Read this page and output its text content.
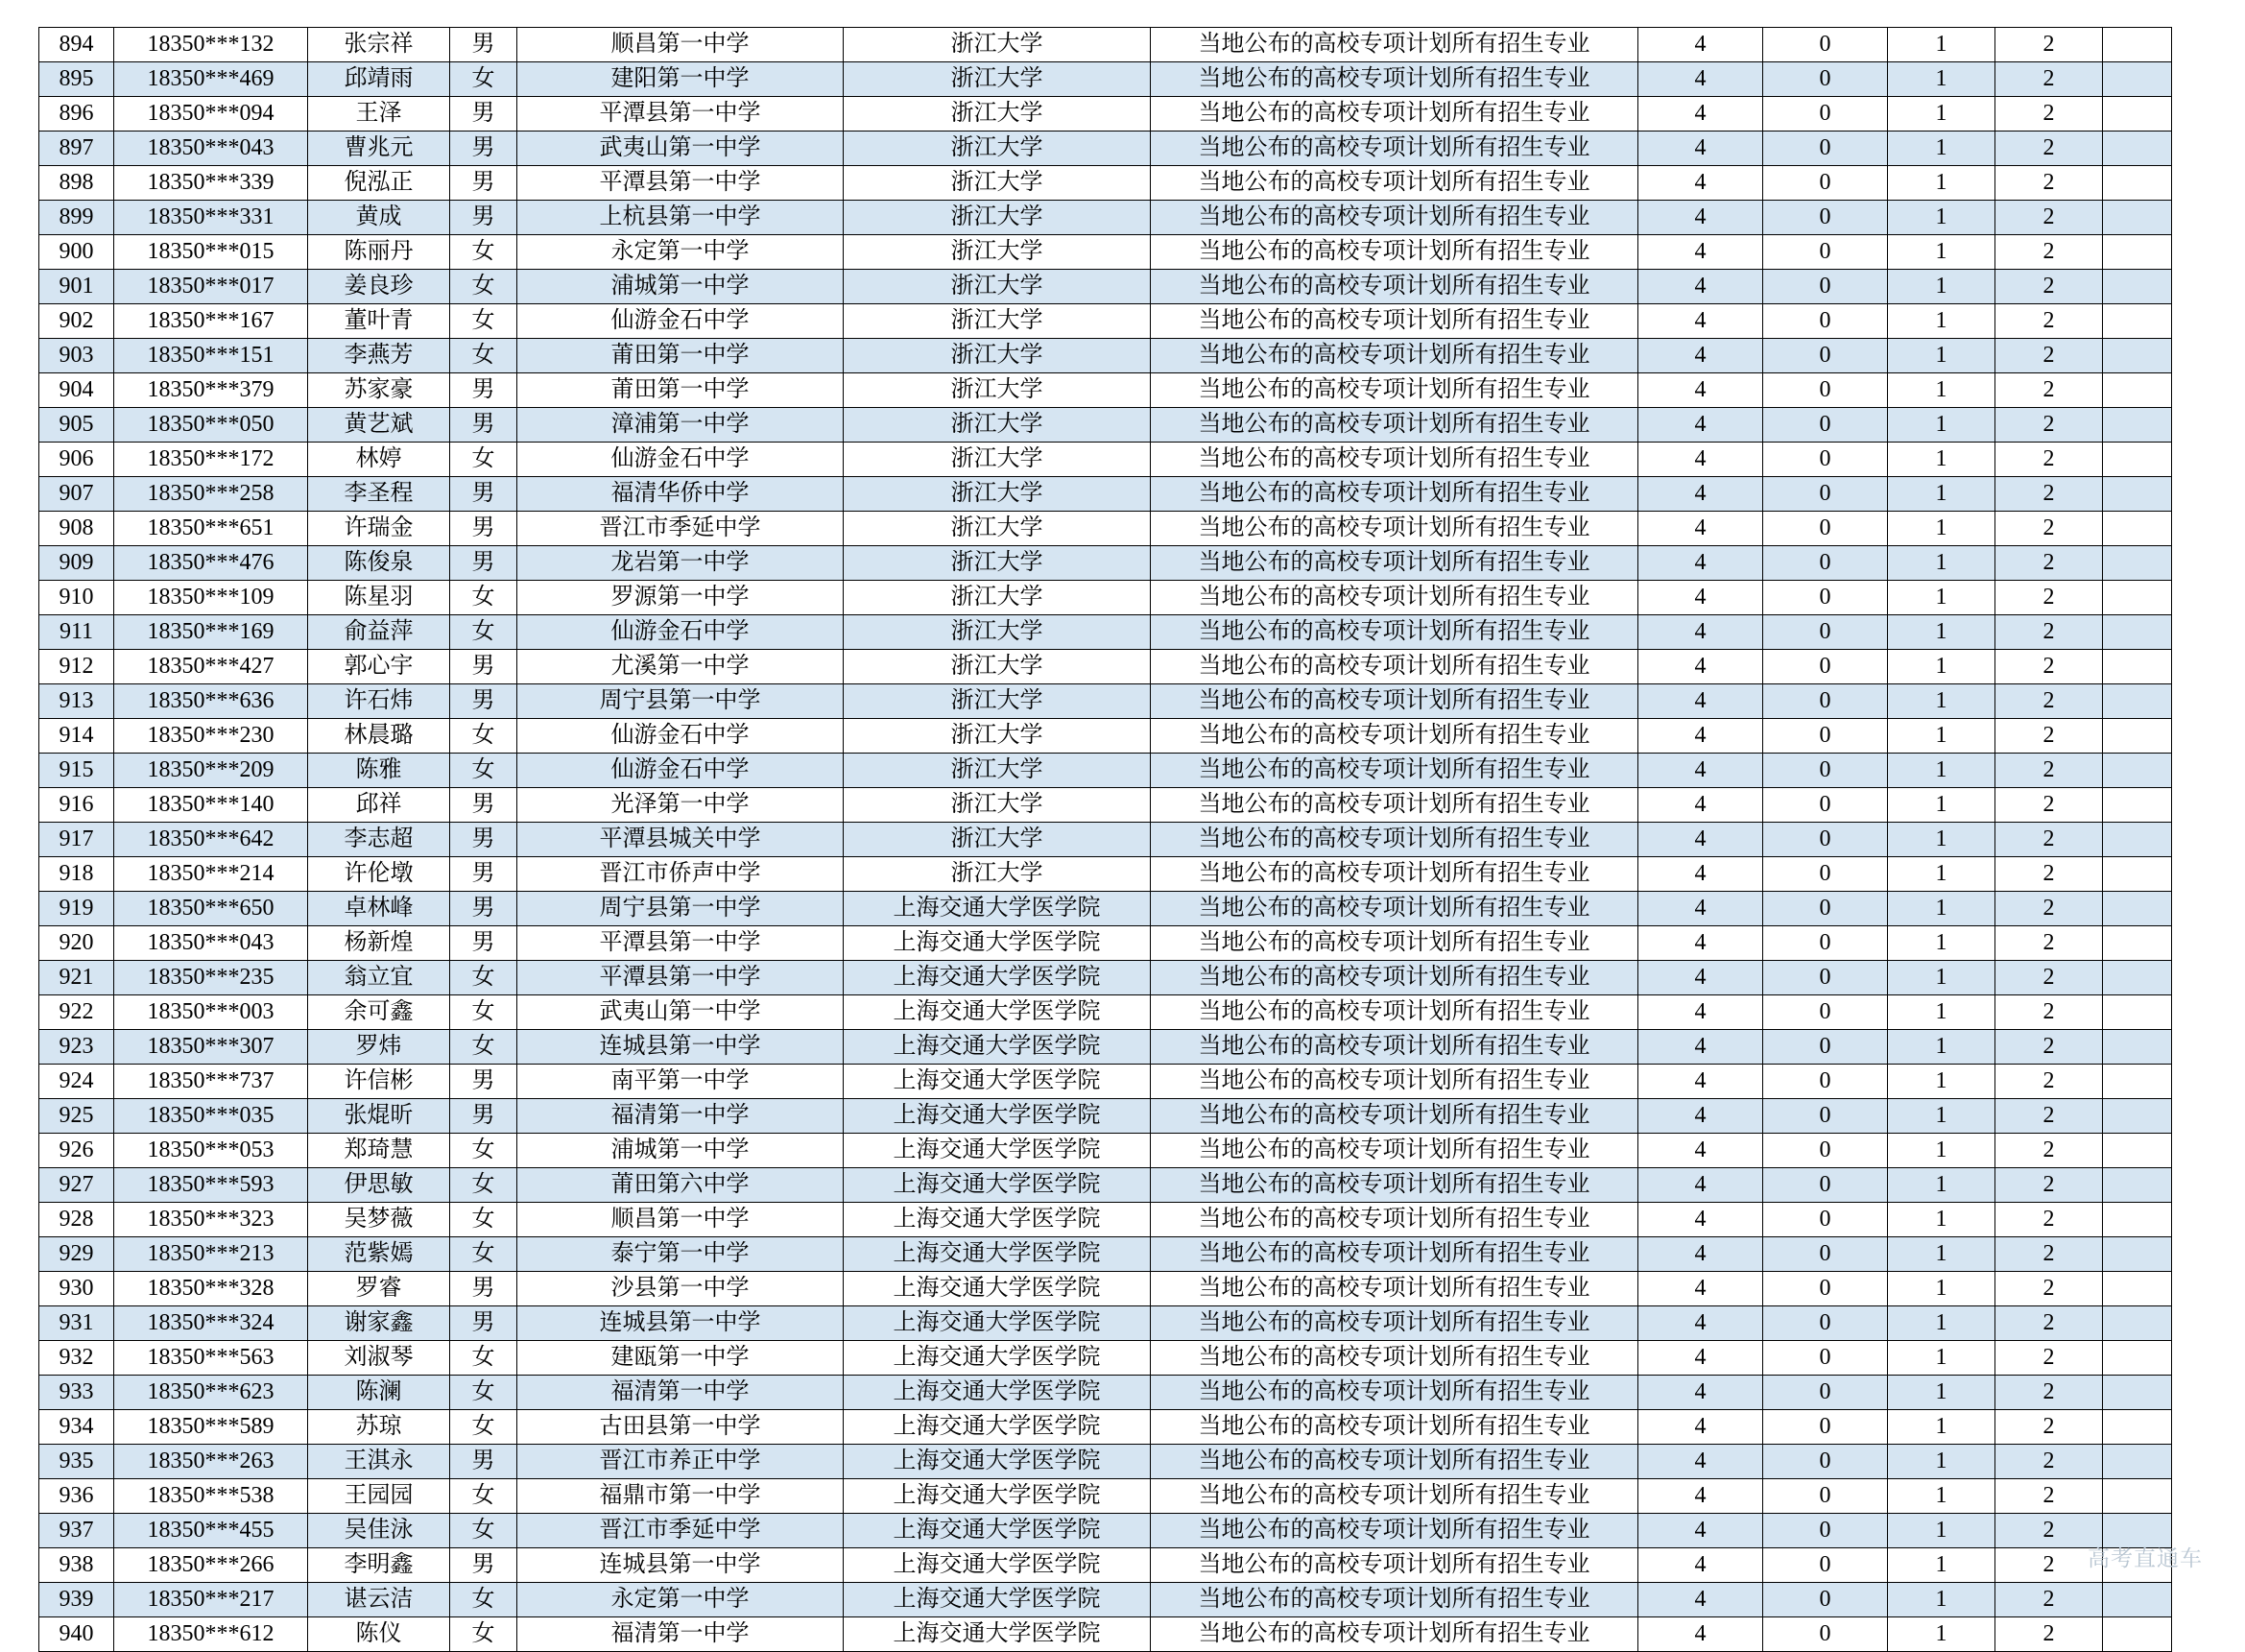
894	18350***132	张宗祥	男	顺昌第一中学	浙江大学	当地公布的高校专项计划所有招生专业	4	0	1	2	
895	18350***469	邱靖雨	女	建阳第一中学	浙江大学	当地公布的高校专项计划所有招生专业	4	0	1	2	
896	18350***094	王泽	男	平潭县第一中学	浙江大学	当地公布的高校专项计划所有招生专业	4	0	1	2	
897	18350***043	曹兆元	男	武夷山第一中学	浙江大学	当地公布的高校专项计划所有招生专业	4	0	1	2	
898	18350***339	倪泓正	男	平潭县第一中学	浙江大学	当地公布的高校专项计划所有招生专业	4	0	1	2	
899	18350***331	黄成	男	上杭县第一中学	浙江大学	当地公布的高校专项计划所有招生专业	4	0	1	2	
900	18350***015	陈丽丹	女	永定第一中学	浙江大学	当地公布的高校专项计划所有招生专业	4	0	1	2	
901	18350***017	姜良珍	女	浦城第一中学	浙江大学	当地公布的高校专项计划所有招生专业	4	0	1	2	
902	18350***167	董叶青	女	仙游金石中学	浙江大学	当地公布的高校专项计划所有招生专业	4	0	1	2	
903	18350***151	李燕芳	女	莆田第一中学	浙江大学	当地公布的高校专项计划所有招生专业	4	0	1	2	
904	18350***379	苏家豪	男	莆田第一中学	浙江大学	当地公布的高校专项计划所有招生专业	4	0	1	2	
905	18350***050	黄艺斌	男	漳浦第一中学	浙江大学	当地公布的高校专项计划所有招生专业	4	0	1	2	
906	18350***172	林婷	女	仙游金石中学	浙江大学	当地公布的高校专项计划所有招生专业	4	0	1	2	
907	18350***258	李圣程	男	福清华侨中学	浙江大学	当地公布的高校专项计划所有招生专业	4	0	1	2	
908	18350***651	许瑞金	男	晋江市季延中学	浙江大学	当地公布的高校专项计划所有招生专业	4	0	1	2	
909	18350***476	陈俊泉	男	龙岩第一中学	浙江大学	当地公布的高校专项计划所有招生专业	4	0	1	2	
910	18350***109	陈星羽	女	罗源第一中学	浙江大学	当地公布的高校专项计划所有招生专业	4	0	1	2	
911	18350***169	俞益萍	女	仙游金石中学	浙江大学	当地公布的高校专项计划所有招生专业	4	0	1	2	
912	18350***427	郭心宇	男	尤溪第一中学	浙江大学	当地公布的高校专项计划所有招生专业	4	0	1	2	
913	18350***636	许石炜	男	周宁县第一中学	浙江大学	当地公布的高校专项计划所有招生专业	4	0	1	2	
914	18350***230	林晨璐	女	仙游金石中学	浙江大学	当地公布的高校专项计划所有招生专业	4	0	1	2	
915	18350***209	陈雅	女	仙游金石中学	浙江大学	当地公布的高校专项计划所有招生专业	4	0	1	2	
916	18350***140	邱祥	男	光泽第一中学	浙江大学	当地公布的高校专项计划所有招生专业	4	0	1	2	
917	18350***642	李志超	男	平潭县城关中学	浙江大学	当地公布的高校专项计划所有招生专业	4	0	1	2	
918	18350***214	许伦墩	男	晋江市侨声中学	浙江大学	当地公布的高校专项计划所有招生专业	4	0	1	2	
919	18350***650	卓林峰	男	周宁县第一中学	上海交通大学医学院	当地公布的高校专项计划所有招生专业	4	0	1	2	
920	18350***043	杨新煌	男	平潭县第一中学	上海交通大学医学院	当地公布的高校专项计划所有招生专业	4	0	1	2	
921	18350***235	翁立宜	女	平潭县第一中学	上海交通大学医学院	当地公布的高校专项计划所有招生专业	4	0	1	2	
922	18350***003	余可鑫	女	武夷山第一中学	上海交通大学医学院	当地公布的高校专项计划所有招生专业	4	0	1	2	
923	18350***307	罗炜	女	连城县第一中学	上海交通大学医学院	当地公布的高校专项计划所有招生专业	4	0	1	2	
924	18350***737	许信彬	男	南平第一中学	上海交通大学医学院	当地公布的高校专项计划所有招生专业	4	0	1	2	
925	18350***035	张焜昕	男	福清第一中学	上海交通大学医学院	当地公布的高校专项计划所有招生专业	4	0	1	2	
926	18350***053	郑琦慧	女	浦城第一中学	上海交通大学医学院	当地公布的高校专项计划所有招生专业	4	0	1	2	
927	18350***593	伊思敏	女	莆田第六中学	上海交通大学医学院	当地公布的高校专项计划所有招生专业	4	0	1	2	
928	18350***323	吴梦薇	女	顺昌第一中学	上海交通大学医学院	当地公布的高校专项计划所有招生专业	4	0	1	2	
929	18350***213	范紫嫣	女	泰宁第一中学	上海交通大学医学院	当地公布的高校专项计划所有招生专业	4	0	1	2	
930	18350***328	罗睿	男	沙县第一中学	上海交通大学医学院	当地公布的高校专项计划所有招生专业	4	0	1	2	
931	18350***324	谢家鑫	男	连城县第一中学	上海交通大学医学院	当地公布的高校专项计划所有招生专业	4	0	1	2	
932	18350***563	刘淑琴	女	建瓯第一中学	上海交通大学医学院	当地公布的高校专项计划所有招生专业	4	0	1	2	
933	18350***623	陈澜	女	福清第一中学	上海交通大学医学院	当地公布的高校专项计划所有招生专业	4	0	1	2	
934	18350***589	苏琼	女	古田县第一中学	上海交通大学医学院	当地公布的高校专项计划所有招生专业	4	0	1	2	
935	18350***263	王淇永	男	晋江市养正中学	上海交通大学医学院	当地公布的高校专项计划所有招生专业	4	0	1	2	
936	18350***538	王园园	女	福鼎市第一中学	上海交通大学医学院	当地公布的高校专项计划所有招生专业	4	0	1	2	
937	18350***455	吴佳泳	女	晋江市季延中学	上海交通大学医学院	当地公布的高校专项计划所有招生专业	4	0	1	2	
938	18350***266	李明鑫	男	连城县第一中学	上海交通大学医学院	当地公布的高校专项计划所有招生专业	4	0	1	2	
939	18350***217	谌云洁	女	永定第一中学	上海交通大学医学院	当地公布的高校专项计划所有招生专业	4	0	1	2	
940	18350***612	陈仪	女	福清第一中学	上海交通大学医学院	当地公布的高校专项计划所有招生专业	4	0	1	2	
高考直通车
